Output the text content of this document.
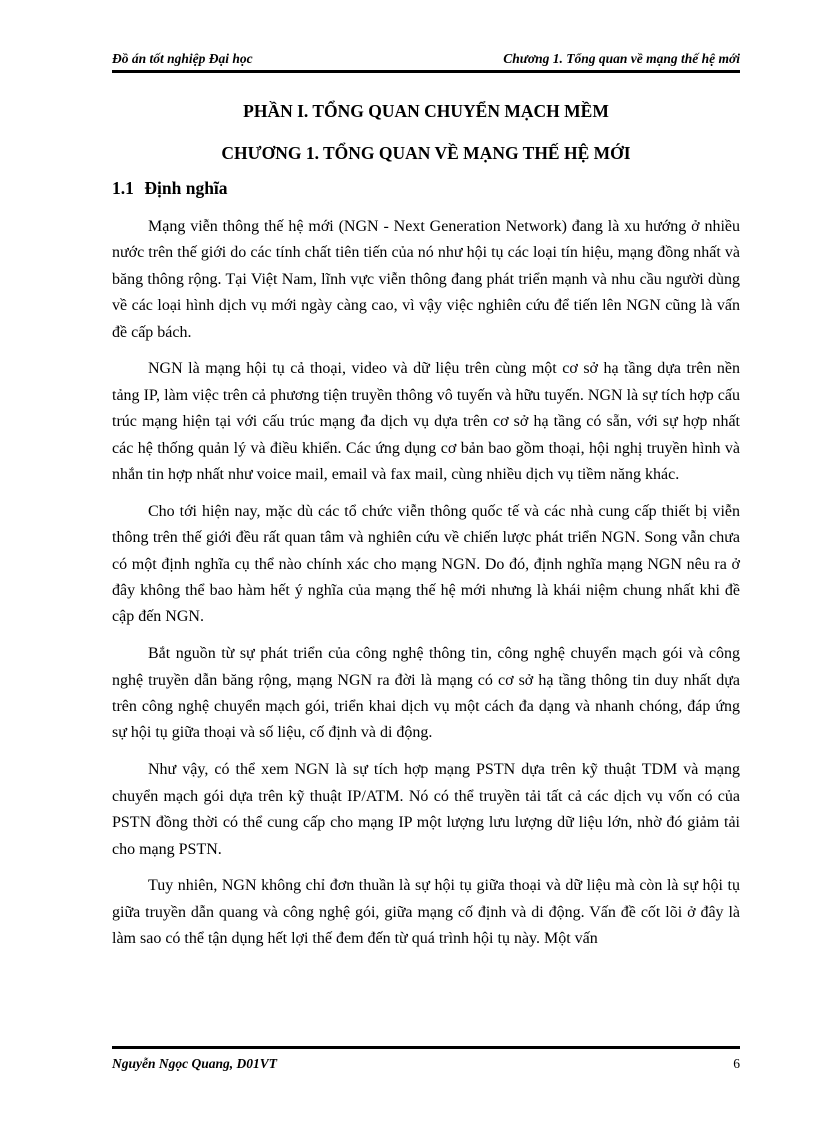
Đồ án tốt nghiệp Đại học	Chương 1. Tổng quan về mạng thế hệ mới
PHẦN I. TỔNG QUAN CHUYỂN MẠCH MỀM
CHƯƠNG 1. TỔNG QUAN VỀ MẠNG THẾ HỆ MỚI
1.1 Định nghĩa

Mạng viễn thông thế hệ mới (NGN - Next Generation Network) đang là xu hướng ở nhiều nước trên thế giới do các tính chất tiên tiến của nó như hội tụ các loại tín hiệu, mạng đồng nhất và băng thông rộng. Tại Việt Nam, lĩnh vực viễn thông đang phát triển mạnh và nhu cầu người dùng về các loại hình dịch vụ mới ngày càng cao, vì vậy việc nghiên cứu để tiến lên NGN cũng là vấn đề cấp bách.

NGN là mạng hội tụ cả thoại, video và dữ liệu trên cùng một cơ sở hạ tầng dựa trên nền tảng IP, làm việc trên cả phương tiện truyền thông vô tuyến và hữu tuyến. NGN là sự tích hợp cấu trúc mạng hiện tại với cấu trúc mạng đa dịch vụ dựa trên cơ sở hạ tầng có sẵn, với sự hợp nhất các hệ thống quản lý và điều khiển. Các ứng dụng cơ bản bao gồm thoại, hội nghị truyền hình và nhắn tin hợp nhất như voice mail, email và fax mail, cùng nhiều dịch vụ tiềm năng khác.

Cho tới hiện nay, mặc dù các tổ chức viễn thông quốc tế và các nhà cung cấp thiết bị viễn thông trên thế giới đều rất quan tâm và nghiên cứu về chiến lược phát triển NGN. Song vẫn chưa có một định nghĩa cụ thể nào chính xác cho mạng NGN. Do đó, định nghĩa mạng NGN nêu ra ở đây không thể bao hàm hết ý nghĩa của mạng thế hệ mới nhưng là khái niệm chung nhất khi đề cập đến NGN.

Bắt nguồn từ sự phát triển của công nghệ thông tin, công nghệ chuyển mạch gói và công nghệ truyền dẫn băng rộng, mạng NGN ra đời là mạng có cơ sở hạ tầng thông tin duy nhất dựa trên công nghệ chuyển mạch gói, triển khai dịch vụ một cách đa dạng và nhanh chóng, đáp ứng sự hội tụ giữa thoại và số liệu, cố định và di động.

Như vậy, có thể xem NGN là sự tích hợp mạng PSTN dựa trên kỹ thuật TDM và mạng chuyển mạch gói dựa trên kỹ thuật IP/ATM. Nó có thể truyền tải tất cả các dịch vụ vốn có của PSTN đồng thời có thể cung cấp cho mạng IP một lượng lưu lượng dữ liệu lớn, nhờ đó giảm tải cho mạng PSTN.

Tuy nhiên, NGN không chỉ đơn thuần là sự hội tụ giữa thoại và dữ liệu mà còn là sự hội tụ giữa truyền dẫn quang và công nghệ gói, giữa mạng cố định và di động. Vấn đề cốt lõi ở đây là làm sao có thể tận dụng hết lợi thế đem đến từ quá trình hội tụ này. Một vấn

Nguyễn Ngọc Quang, D01VT	6
